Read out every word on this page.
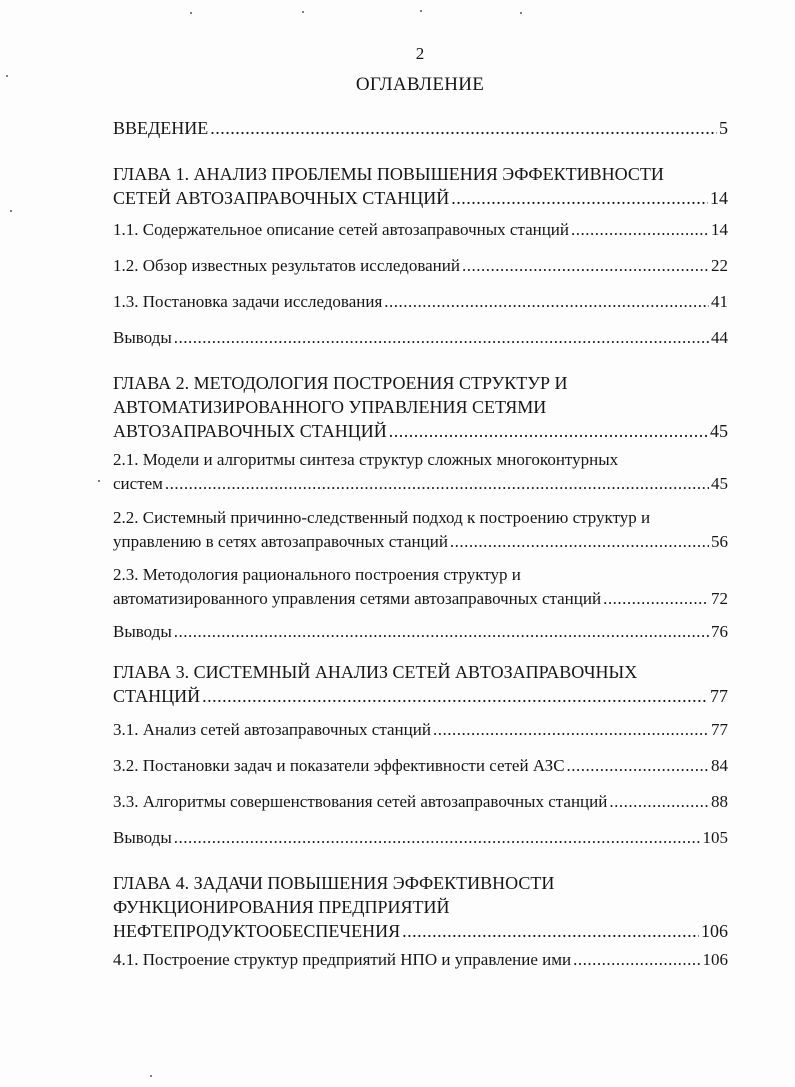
2
ОГЛАВЛЕНИЕ
ВВЕДЕНИЕ .....	5
ГЛАВА 1. АНАЛИЗ ПРОБЛЕМЫ ПОВЫШЕНИЯ ЭФФЕКТИВНОСТИ
СЕТЕЙ АВТОЗАПРАВОЧНЫХ СТАНЦИЙ .....	14
1.1. Содержательное описание сетей автозаправочных станций .....	14
1.2. Обзор известных результатов исследований .....	22
1.3. Постановка задачи исследования .....	41
Выводы .....	44
ГЛАВА 2. МЕТОДОЛОГИЯ ПОСТРОЕНИЯ СТРУКТУР И
АВТОМАТИЗИРОВАННОГО УПРАВЛЕНИЯ СЕТЯМИ
АВТОЗАПРАВОЧНЫХ СТАНЦИЙ .....	45
2.1. Модели и алгоритмы синтеза структур сложных многоконтурных
систем .....	45
2.2. Системный причинно-следственный подход к построению структур и
управлению в сетях автозаправочных станций .....	56
2.3. Методология рационального построения структур и
автоматизированного управления сетями автозаправочных станций .....	72
Выводы .....	76
ГЛАВА 3. СИСТЕМНЫЙ АНАЛИЗ СЕТЕЙ АВТОЗАПРАВОЧНЫХ
СТАНЦИЙ .....	77
3.1. Анализ сетей автозаправочных станций .....	77
3.2. Постановки задач и показатели эффективности сетей АЗС .....	84
3.3. Алгоритмы совершенствования сетей автозаправочных станций .....	88
Выводы .....	105
ГЛАВА 4. ЗАДАЧИ ПОВЫШЕНИЯ ЭФФЕКТИВНОСТИ
ФУНКЦИОНИРОВАНИЯ ПРЕДПРИЯТИЙ
НЕФТЕПРОДУКТООБЕСПЕЧЕНИЯ .....	106
4.1. Построение структур предприятий НПО и управление ими .....	106
